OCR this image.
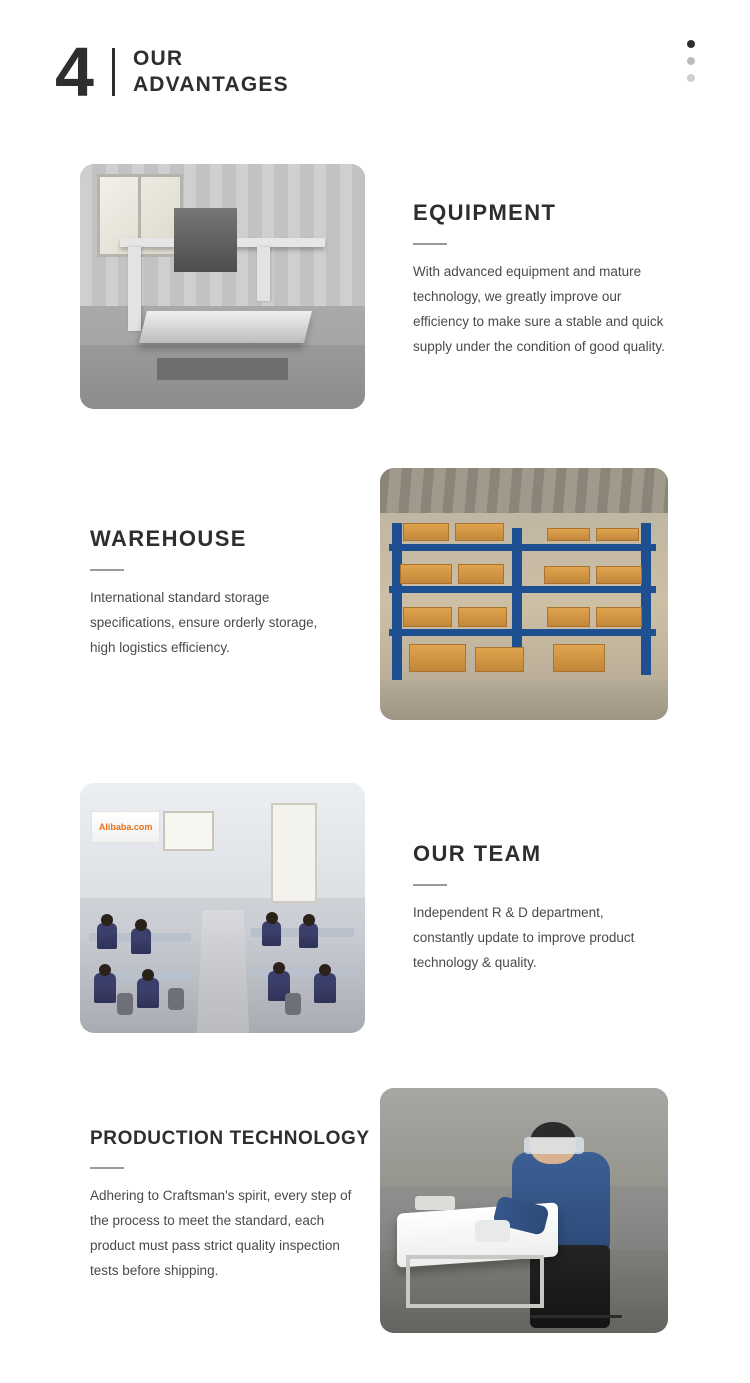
4 OUR
ADVANTAGES
EQUIPMENT

With advanced equipment and mature technology, we greatly improve our efficiency to make sure a stable and quick supply under the condition of good quality.

WAREHOUSE

International standard storage specifications, ensure orderly storage, high logistics efficiency.

Alibaba.com
OUR TEAM

Independent R & D department, constantly update to improve product technology & quality.

PRODUCTION TECHNOLOGY

Adhering to Craftsman's spirit, every step of the process to meet the standard, each product must pass strict quality inspection tests before shipping.
